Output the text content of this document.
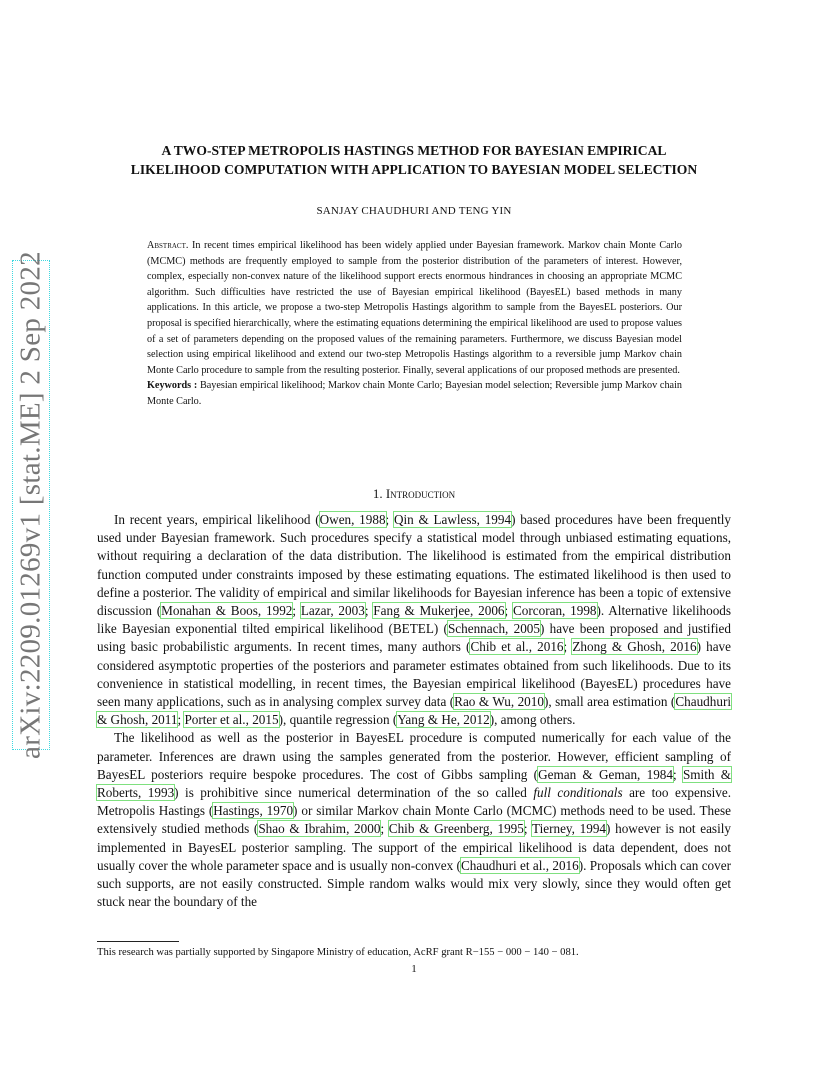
arXiv:2209.01269v1 [stat.ME] 2 Sep 2022
A TWO-STEP METROPOLIS HASTINGS METHOD FOR BAYESIAN EMPIRICAL
LIKELIHOOD COMPUTATION WITH APPLICATION TO BAYESIAN MODEL SELECTION
SANJAY CHAUDHURI AND TENG YIN
Abstract. In recent times empirical likelihood has been widely applied under Bayesian framework. Markov chain Monte Carlo (MCMC) methods are frequently employed to sample from the posterior distribution of the parameters of interest. However, complex, especially non-convex nature of the likelihood support erects enormous hindrances in choosing an appropriate MCMC algorithm. Such difficulties have restricted the use of Bayesian empirical likelihood (BayesEL) based methods in many applications. In this article, we propose a two-step Metropolis Hastings algorithm to sample from the BayesEL posteriors. Our proposal is specified hierarchically, where the estimating equations determining the empirical likelihood are used to propose values of a set of parameters depending on the proposed values of the remaining parameters. Furthermore, we discuss Bayesian model selection using empirical likelihood and extend our two-step Metropolis Hastings algorithm to a reversible jump Markov chain Monte Carlo procedure to sample from the resulting posterior. Finally, several applications of our proposed methods are presented.
Keywords : Bayesian empirical likelihood; Markov chain Monte Carlo; Bayesian model selection; Reversible jump Markov chain Monte Carlo.
1. Introduction

In recent years, empirical likelihood (Owen, 1988; Qin & Lawless, 1994) based procedures have been frequently used under Bayesian framework. Such procedures specify a statistical model through unbiased estimating equations, without requiring a declaration of the data distribution. The likelihood is estimated from the empirical distribution function computed under constraints imposed by these estimating equations. The estimated likelihood is then used to define a posterior. The validity of empirical and similar likelihoods for Bayesian inference has been a topic of extensive discussion (Monahan & Boos, 1992; Lazar, 2003; Fang & Mukerjee, 2006; Corcoran, 1998). Alternative likelihoods like Bayesian exponential tilted empirical likelihood (BETEL) (Schennach, 2005) have been proposed and justified using basic probabilistic arguments. In recent times, many authors (Chib et al., 2016; Zhong & Ghosh, 2016) have considered asymptotic properties of the posteriors and parameter estimates obtained from such likelihoods. Due to its convenience in statistical modelling, in recent times, the Bayesian empirical likelihood (BayesEL) procedures have seen many applications, such as in analysing complex survey data (Rao & Wu, 2010), small area estimation (Chaudhuri & Ghosh, 2011; Porter et al., 2015), quantile regression (Yang & He, 2012), among others.

The likelihood as well as the posterior in BayesEL procedure is computed numerically for each value of the parameter. Inferences are drawn using the samples generated from the posterior. However, efficient sampling of BayesEL posteriors require bespoke procedures. The cost of Gibbs sampling (Geman & Geman, 1984; Smith & Roberts, 1993) is prohibitive since numerical determination of the so called full conditionals are too expensive. Metropolis Hastings (Hastings, 1970) or similar Markov chain Monte Carlo (MCMC) methods need to be used. These extensively studied methods (Shao & Ibrahim, 2000; Chib & Greenberg, 1995; Tierney, 1994) however is not easily implemented in BayesEL posterior sampling. The support of the empirical likelihood is data dependent, does not usually cover the whole parameter space and is usually non-convex (Chaudhuri et al., 2016). Proposals which can cover such supports, are not easily constructed. Simple random walks would mix very slowly, since they would often get stuck near the boundary of the

This research was partially supported by Singapore Ministry of education, AcRF grant R−155 − 000 − 140 − 081.
1
